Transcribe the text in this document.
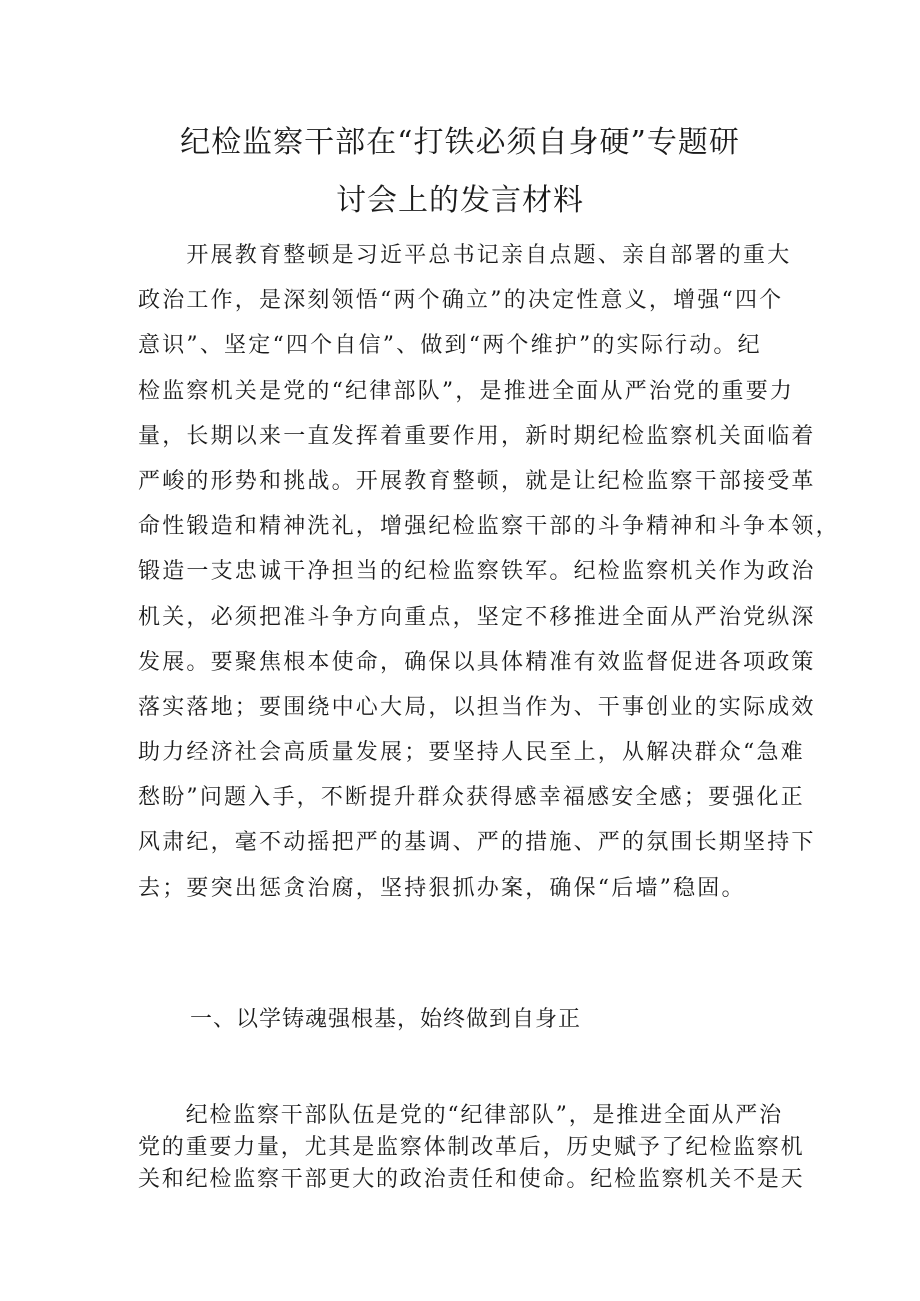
纪检监察干部在“打铁必须自身硬”专题研
讨会上的发言材料
　　开展教育整顿是习近平总书记亲自点题、亲自部署的重大
政治工作，是深刻领悟“两个确立”的决定性意义，增强“四个
意识”、坚定“四个自信”、做到“两个维护”的实际行动。纪
检监察机关是党的“纪律部队”，是推进全面从严治党的重要力
量，长期以来一直发挥着重要作用，新时期纪检监察机关面临着
严峻的形势和挑战。开展教育整顿，就是让纪检监察干部接受革
命性锻造和精神洗礼，增强纪检监察干部的斗争精神和斗争本领，
锻造一支忠诚干净担当的纪检监察铁军。纪检监察机关作为政治
机关，必须把准斗争方向重点，坚定不移推进全面从严治党纵深
发展。要聚焦根本使命，确保以具体精准有效监督促进各项政策
落实落地；要围绕中心大局，以担当作为、干事创业的实际成效
助力经济社会高质量发展；要坚持人民至上，从解决群众“急难
愁盼”问题入手，不断提升群众获得感幸福感安全感；要强化正
风肃纪，毫不动摇把严的基调、严的措施、严的氛围长期坚持下
去；要突出惩贪治腐，坚持狠抓办案，确保“后墙”稳固。
一、以学铸魂强根基，始终做到自身正
　　纪检监察干部队伍是党的“纪律部队”，是推进全面从严治
党的重要力量，尤其是监察体制改革后，历史赋予了纪检监察机
关和纪检监察干部更大的政治责任和使命。纪检监察机关不是天
